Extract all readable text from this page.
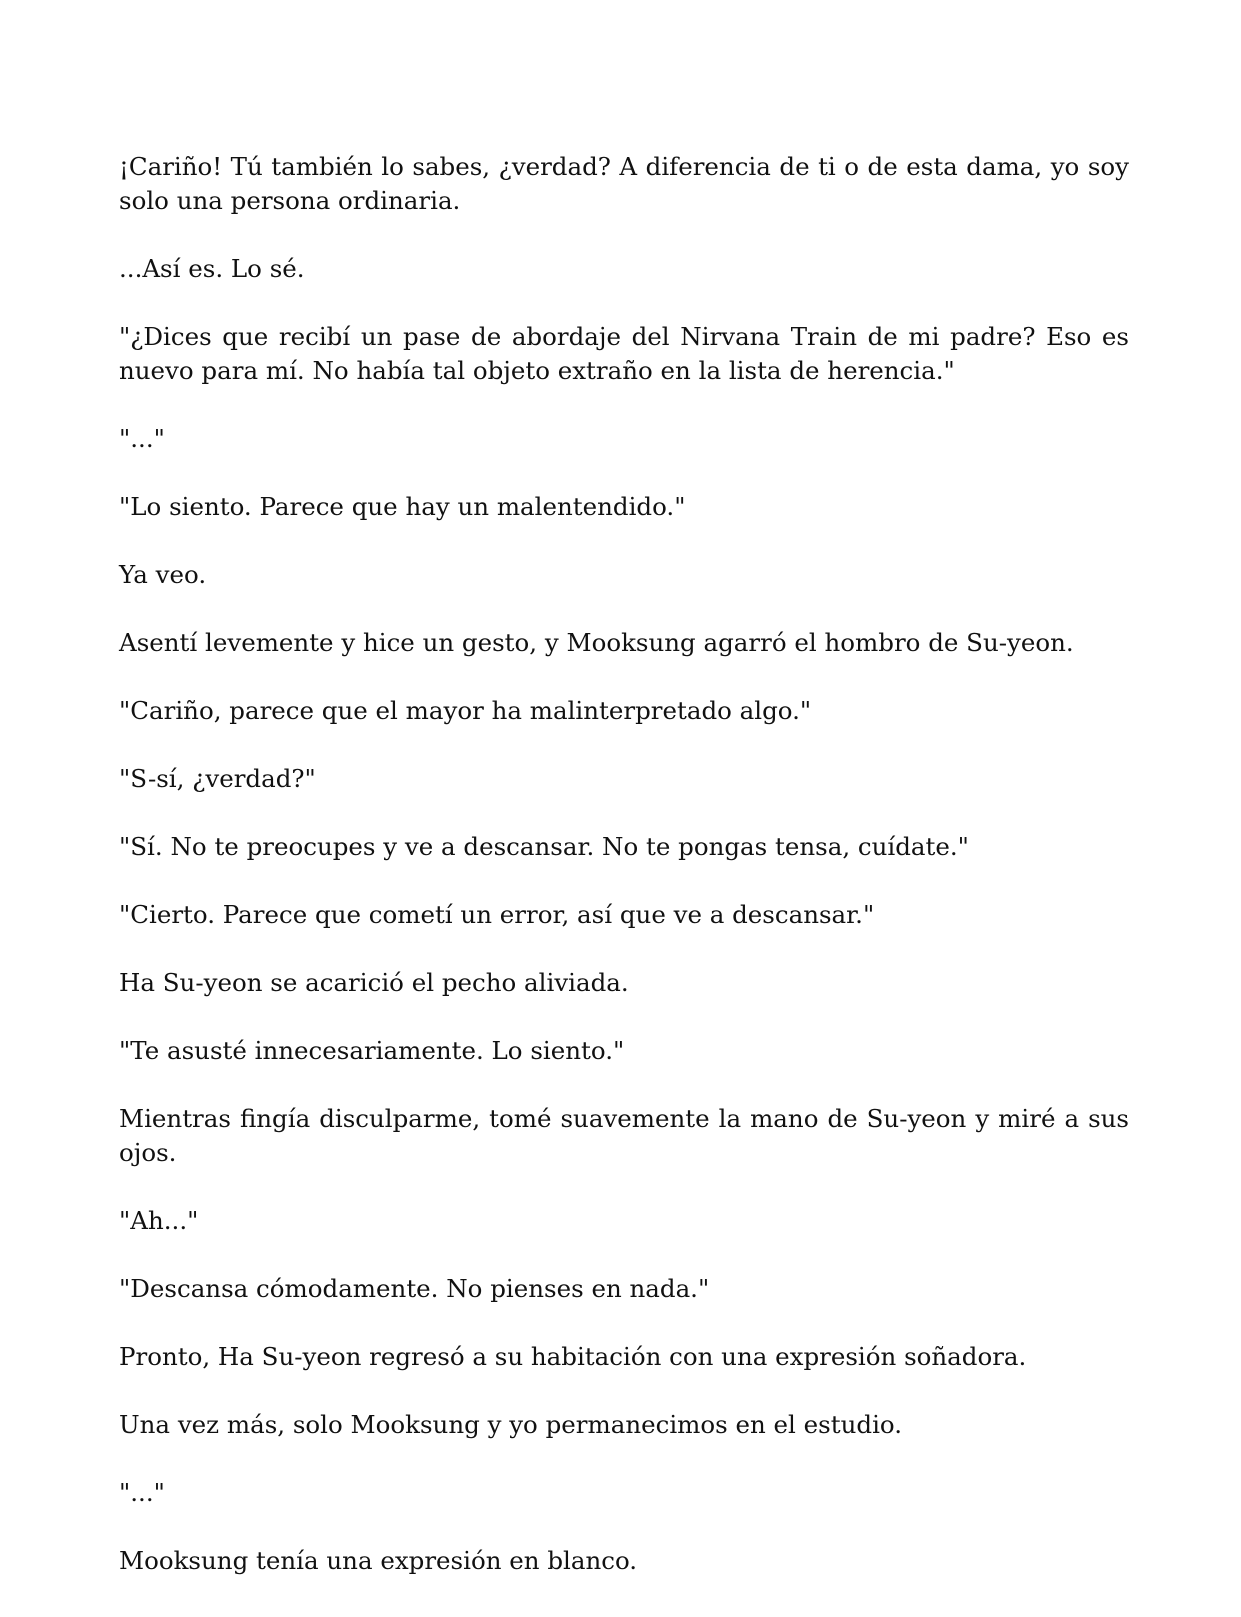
¡Cariño! Tú también lo sabes, ¿verdad? A diferencia de ti o de esta dama, yo soy solo una persona ordinaria.

...Así es. Lo sé.

"¿Dices que recibí un pase de abordaje del Nirvana Train de mi padre? Eso es nuevo para mí. No había tal objeto extraño en la lista de herencia."

"..."

"Lo siento. Parece que hay un malentendido."

Ya veo.

Asentí levemente y hice un gesto, y Mooksung agarró el hombro de Su-yeon.

"Cariño, parece que el mayor ha malinterpretado algo."

"S-sí, ¿verdad?"

"Sí. No te preocupes y ve a descansar. No te pongas tensa, cuídate."

"Cierto. Parece que cometí un error, así que ve a descansar."

Ha Su-yeon se acarició el pecho aliviada.

"Te asusté innecesariamente. Lo siento."

Mientras fingía disculparme, tomé suavemente la mano de Su-yeon y miré a sus ojos.

"Ah..."

"Descansa cómodamente. No pienses en nada."

Pronto, Ha Su-yeon regresó a su habitación con una expresión soñadora.

Una vez más, solo Mooksung y yo permanecimos en el estudio.

"..."

Mooksung tenía una expresión en blanco.
